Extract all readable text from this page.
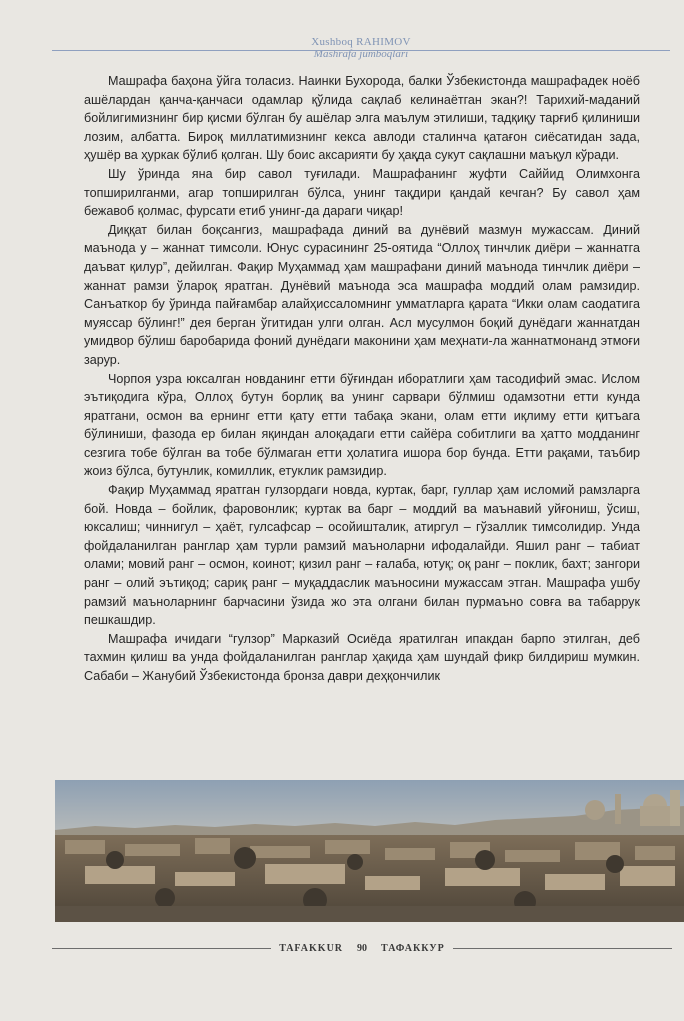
Xushboq RAHIMOV
Mashrafa jumboqlari

Машрафа баҳона ўйга толасиз. Наинки Бухорода, балки Ўзбекистонда машрафадек ноёб ашёлардан қанча-қанчаси одамлар қўлида сақлаб келинаётган экан?! Тарихий-маданий бойлигимизнинг бир қисми бўлган бу ашёлар элга маълум этилиши, тадқиқу тарғиб қилиниши лозим, албатта. Бироқ миллатимизнинг кекса авлоди сталинча қатағон сиёсатидан зада, ҳушёр ва ҳуркак бўлиб қолган. Шу боис аксарияти бу ҳақда сукут сақлашни маъқул кўради.

Шу ўринда яна бир савол туғилади. Машрафанинг жуфти Саййид Олимхонга топширилганми, агар топширилган бўлса, унинг тақдири қандай кечган? Бу савол ҳам бежавоб қолмас, фурсати етиб унинг-да дараги чиқар!

Диққат билан боқсангиз, машрафада диний ва дунёвий мазмун мужассам. Диний маънода у – жаннат тимсоли. Юнус сурасининг 25-оятида “Оллоҳ тинчлик диёри – жаннатга даъват қилур”, дейилган. Фақир Муҳаммад ҳам машрафани диний маънода тинчлик диёри – жаннат рамзи ўлароқ яратган. Дунёвий маънода эса машрафа моддий олам рамзидир. Санъаткор бу ўринда пайғамбар алайҳиссаломнинг умматларга қарата “Икки олам саодатига муяссар бўлинг!” дея берган ўгитидан улги олган. Асл мусулмон боқий дунёдаги жаннатдан умидвор бўлиш баробарида фоний дунёдаги маконини ҳам меҳнати-ла жаннатмонанд этмоғи зарур.

Чорпоя узра юксалган новданинг етти бўғиндан иборатлиги ҳам тасодифий эмас. Ислом эътиқодига кўра, Оллоҳ бутун борлиқ ва унинг сарвари бўлмиш одамзотни етти кунда яратгани, осмон ва ернинг етти қату етти табақа экани, олам етти иқлиму етти қитъага бўлиниши, фазода ер билан яқиндан алоқадаги етти сайёра собитлиги ва ҳатто модданинг сезгига тобе бўлган ва тобе бўлмаган етти ҳолатига ишора бор бунда. Етти рақами, таъбир жоиз бўлса, бутунлик, комиллик, етуклик рамзидир.

Фақир Муҳаммад яратган гулзордаги новда, куртак, барг, гуллар ҳам исломий рамзларга бой. Новда – бойлик, фаровонлик; куртак ва барг – моддий ва маънавий уйғониш, ўсиш, юксалиш; чиннигул – ҳаёт, гулсафсар – осойишталик, атиргул – гўзаллик тимсолидир. Унда фойдаланилган ранглар ҳам турли рамзий маъноларни ифодалайди. Яшил ранг – табиат олами; мовий ранг – осмон, коинот; қизил ранг – ғалаба, ютуқ; оқ ранг – поклик, бахт; зангори ранг – олий эътиқод; сариқ ранг – муқаддаслик маъносини мужассам этган. Машрафа ушбу рамзий маъноларнинг барчасини ўзида жо эта олгани билан пурмаъно совға ва табаррук пешкашдир.

Машрафа ичидаги “гулзор” Марказий Осиёда яратилган ипакдан барпо этилган, деб тахмин қилиш ва унда фойдаланилган ранглар ҳақида ҳам шундай фикр билдириш мумкин. Сабаби – Жанубий Ўзбекистонда бронза даври деҳқончилик

TAFAKKUR	90	ТАФАККУР
